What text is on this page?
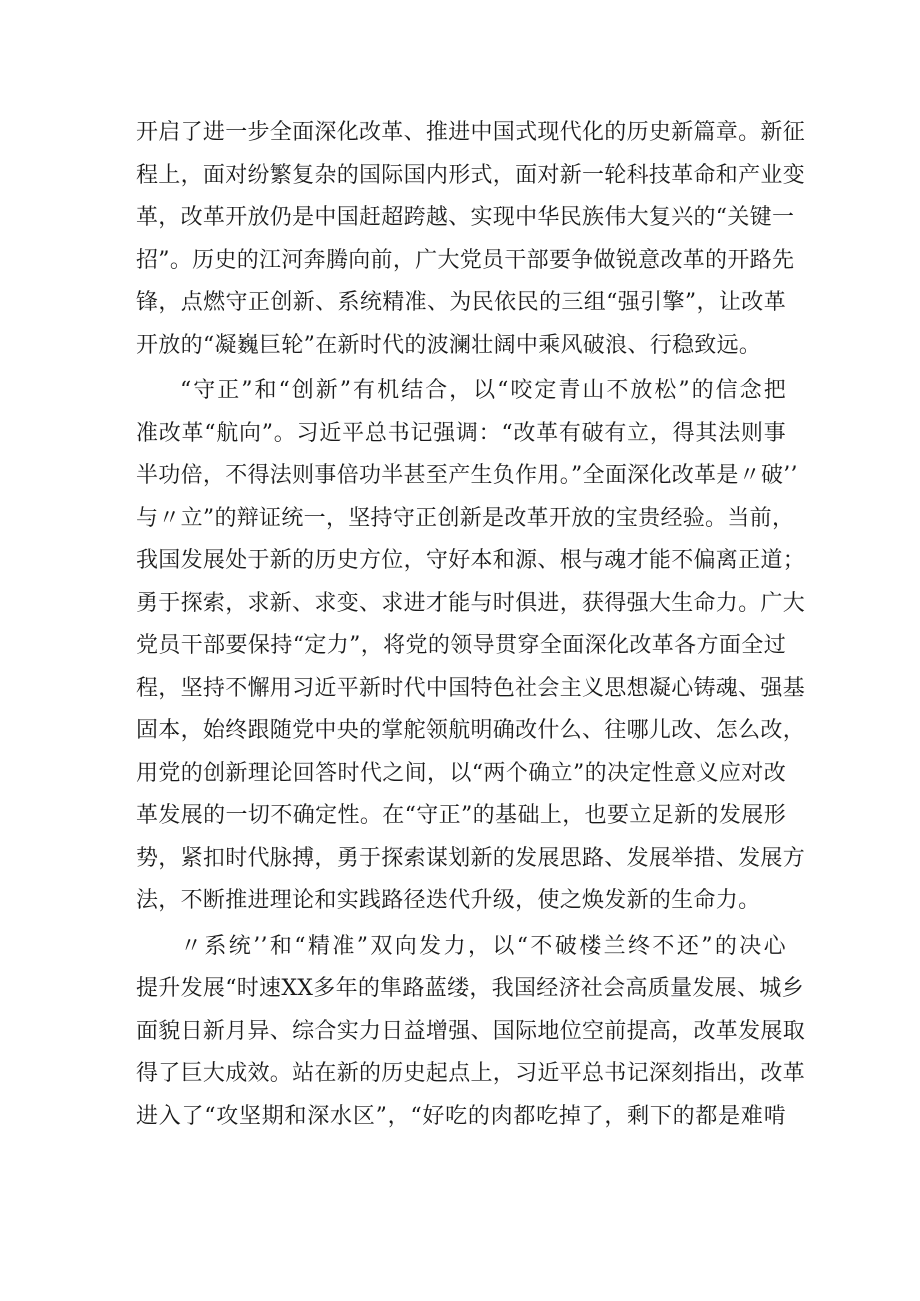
开启了进一步全面深化改革、推进中国式现代化的历史新篇章。新征
程上，面对纷繁复杂的国际国内形式，面对新一轮科技革命和产业变
革，改革开放仍是中国赶超跨越、实现中华民族伟大复兴的“关键一
招”。历史的江河奔腾向前，广大党员干部要争做锐意改革的开路先
锋，点燃守正创新、系统精准、为民依民的三组“强引擎”，让改革
开放的“凝巍巨轮”在新时代的波澜壮阔中乘风破浪、行稳致远。
“守正”和“创新”有机结合，以“咬定青山不放松”的信念把
准改革“航向”。习近平总书记强调：“改革有破有立，得其法则事
半功倍，不得法则事倍功半甚至产生负作用。”全面深化改革是〃破’’
与〃立”的辩证统一，坚持守正创新是改革开放的宝贵经验。当前，
我国发展处于新的历史方位，守好本和源、根与魂才能不偏离正道；
勇于探索，求新、求变、求进才能与时俱进，获得强大生命力。广大
党员干部要保持“定力”，将党的领导贯穿全面深化改革各方面全过
程，坚持不懈用习近平新时代中国特色社会主义思想凝心铸魂、强基
固本，始终跟随党中央的掌舵领航明确改什么、往哪儿改、怎么改，
用党的创新理论回答时代之间，以“两个确立”的决定性意义应对改
革发展的一切不确定性。在“守正”的基础上，也要立足新的发展形
势，紧扣时代脉搏，勇于探索谋划新的发展思路、发展举措、发展方
法，不断推进理论和实践路径迭代升级，使之焕发新的生命力。
〃系统’’和“精准”双向发力，以“不破楼兰终不还”的决心
提升发展“时速XX多年的隼路蓝缕，我国经济社会高质量发展、城乡
面貌日新月异、综合实力日益增强、国际地位空前提高，改革发展取
得了巨大成效。站在新的历史起点上，习近平总书记深刻指出，改革
进入了“攻坚期和深水区”，“好吃的肉都吃掉了，剩下的都是难啃
